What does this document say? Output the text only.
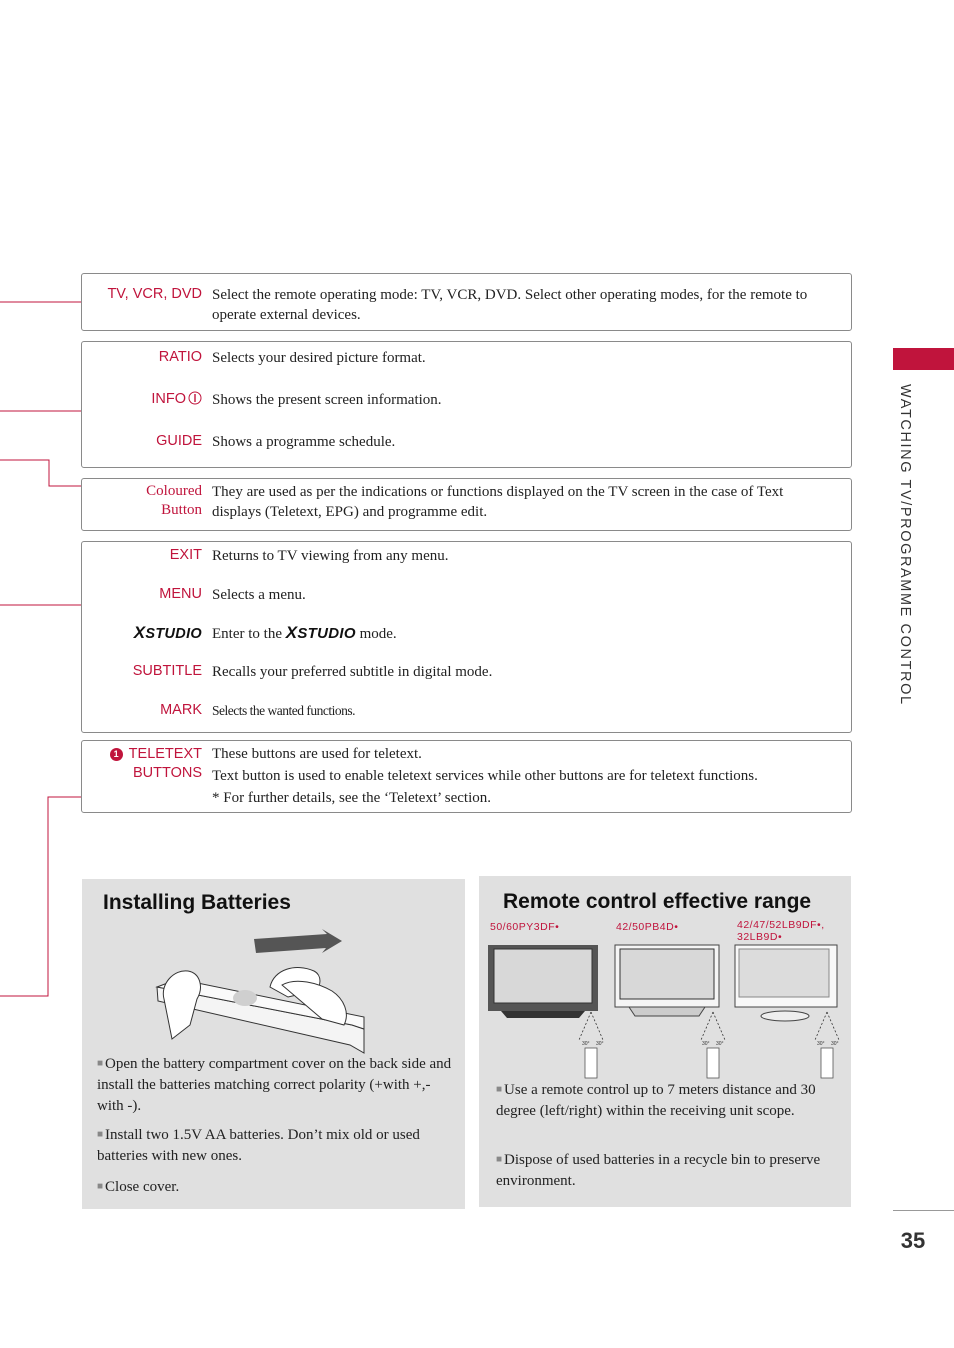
TV, VCR, DVD Select the remote operating mode: TV, VCR, DVD. Select other operating modes, for the remote to operate external devices.
RATIO Selects your desired picture format.
INFO	Shows the present screen information.
GUIDE Shows a programme schedule.
Coloured
Button
They are used as per the indications or functions displayed on the TV screen in the case of Text displays (Teletext, EPG) and programme edit.
EXIT Returns to TV viewing from any menu.
MENU Selects a menu.
XSTUDIO Enter to the XSTUDIO mode.
SUBTITLE Recalls your preferred subtitle in digital mode.
MARK Selects the wanted functions.
1 TELETEXT
BUTTONS
These buttons are used for teletext.
Text button is used to enable teletext services while other buttons are for teletext functions.
* For further details, see the ‘Teletext’ section.
WATCHING TV/PROGRAMME CONTROL
35
Installing Batteries
■ Open the battery compartment cover on the back side and install the batteries matching correct polarity (+with +,-with -).
■ Install two 1.5V AA batteries. Don’t mix old or used batteries with new ones.
■ Close cover.
Remote control effective range
50/60PY3DF•	42/50PB4D•	42/47/52LB9DF•,
32LB9D•
30° 30°	30° 30°	30° 30°
■ Use a remote control up to 7 meters distance and 30 degree (left/right) within the receiving unit scope.
■ Dispose of used batteries in a recycle bin to preserve environment.
